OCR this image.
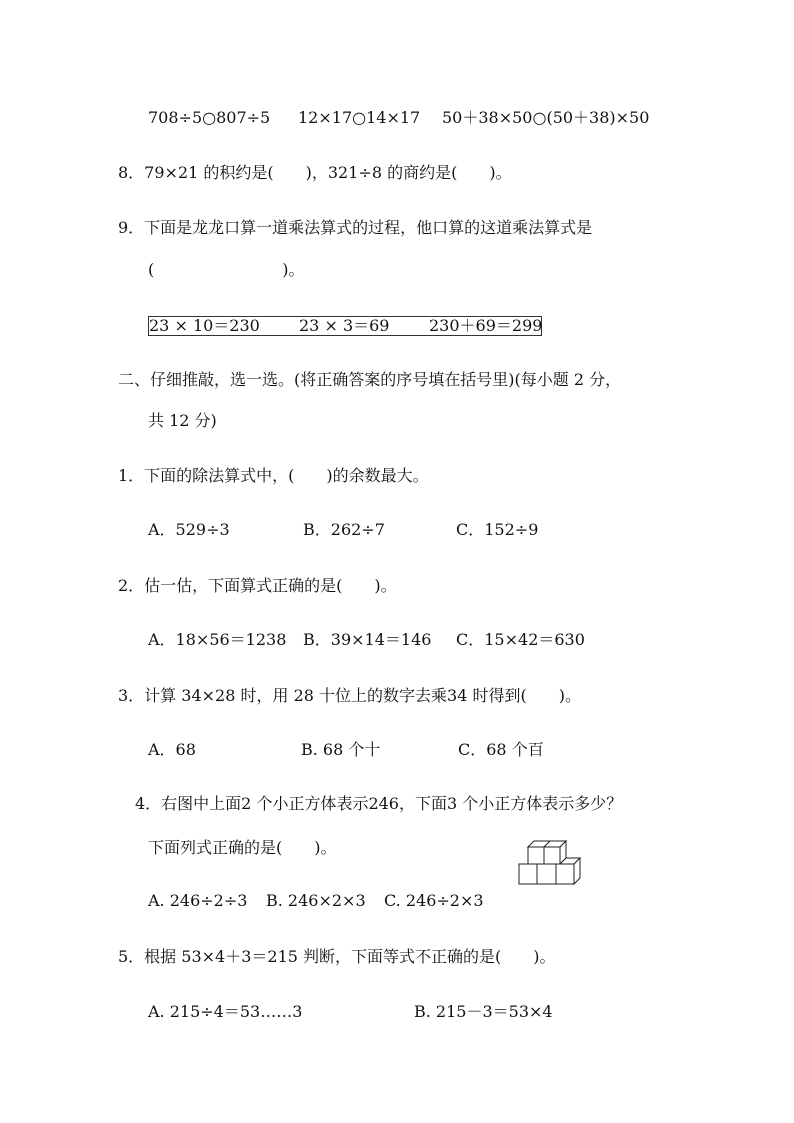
708÷5○807÷5 12×17○14×17 50＋38×50○(50＋38)×50
8．79×21 的积约是(　　)，321÷8 的商约是(　　)。
9．下面是龙龙口算一道乘法算式的过程，他口算的这道乘法算式是
(　　　　　　　　)。
23 × 10＝230 23 × 3＝69 230＋69＝299
二、仔细推敲，选一选。(将正确答案的序号填在括号里)(每小题 2 分，
共 12 分)
1．下面的除法算式中，(　　)的余数最大。
A．529÷3	B．262÷7	C．152÷9
2．估一估，下面算式正确的是(　　)。
A．18×56＝1238 B．39×14＝146 C．15×42＝630
3．计算 34×28 时，用 28 十位上的数字去乘34 时得到(　　)。
A．68	B. 68 个十	C．68 个百
4．右图中上面2 个小正方体表示246，下面3 个小正方体表示多少？
下面列式正确的是(　　)。
A. 246÷2÷3 B. 246×2×3 C. 246÷2×3
5．根据 53×4＋3＝215 判断，下面等式不正确的是(　　)。
A. 215÷4＝53……3	B. 215－3＝53×4
